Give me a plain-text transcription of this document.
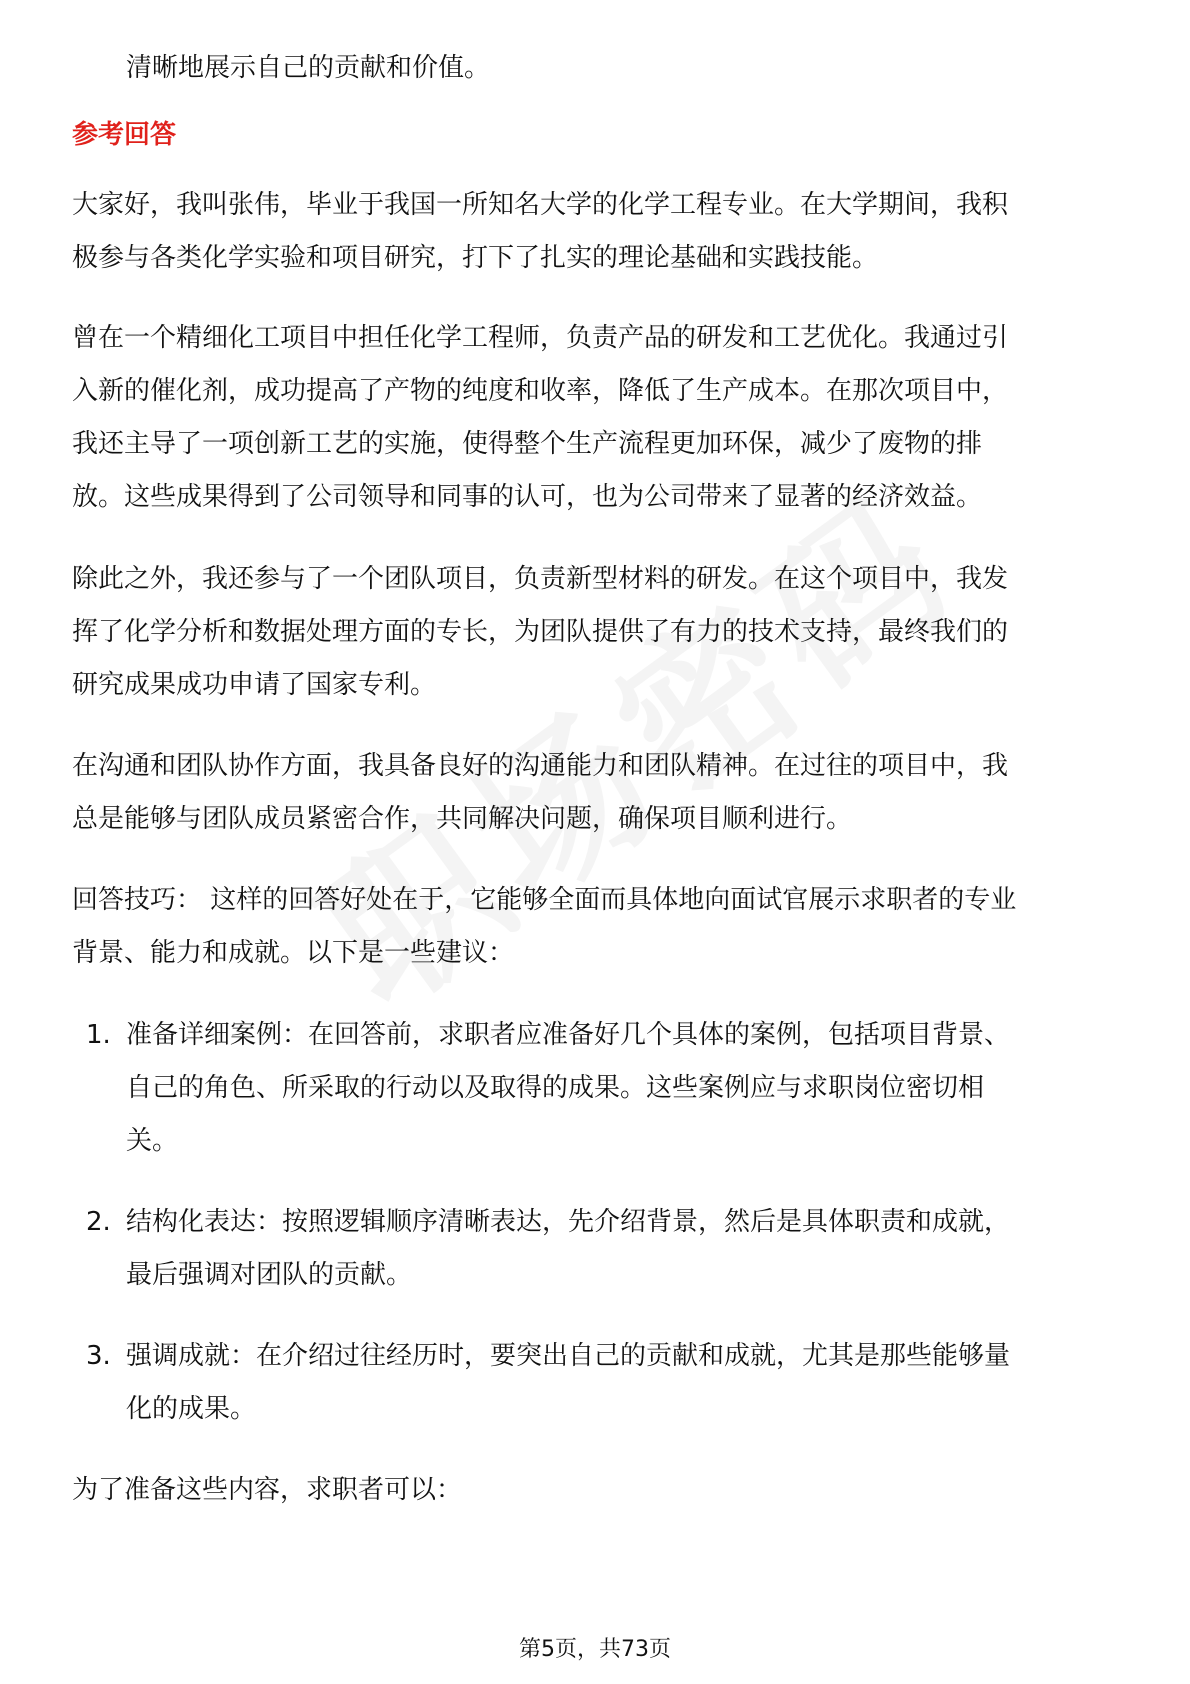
清晰地展示自己的贡献和价值。
参考回答
大家好，我叫张伟，毕业于我国一所知名大学的化学工程专业。在大学期间，我积
极参与各类化学实验和项目研究，打下了扎实的理论基础和实践技能。
曾在一个精细化工项目中担任化学工程师，负责产品的研发和工艺优化。我通过引
入新的催化剂，成功提高了产物的纯度和收率，降低了生产成本。在那次项目中，
我还主导了一项创新工艺的实施，使得整个生产流程更加环保，减少了废物的排
放。这些成果得到了公司领导和同事的认可，也为公司带来了显著的经济效益。
除此之外，我还参与了一个团队项目，负责新型材料的研发。在这个项目中，我发
挥了化学分析和数据处理方面的专长，为团队提供了有力的技术支持，最终我们的
研究成果成功申请了国家专利。
在沟通和团队协作方面，我具备良好的沟通能力和团队精神。在过往的项目中，我
总是能够与团队成员紧密合作，共同解决问题，确保项目顺利进行。
回答技巧： 这样的回答好处在于，它能够全面而具体地向面试官展示求职者的专业
背景、能力和成就。以下是一些建议：
1. 准备详细案例：在回答前，求职者应准备好几个具体的案例，包括项目背景、
自己的角色、所采取的行动以及取得的成果。这些案例应与求职岗位密切相
关。
2. 结构化表达：按照逻辑顺序清晰表达，先介绍背景，然后是具体职责和成就，
最后强调对团队的贡献。
3. 强调成就：在介绍过往经历时，要突出自己的贡献和成就，尤其是那些能够量
化的成果。
为了准备这些内容，求职者可以：
第5页，共73页
